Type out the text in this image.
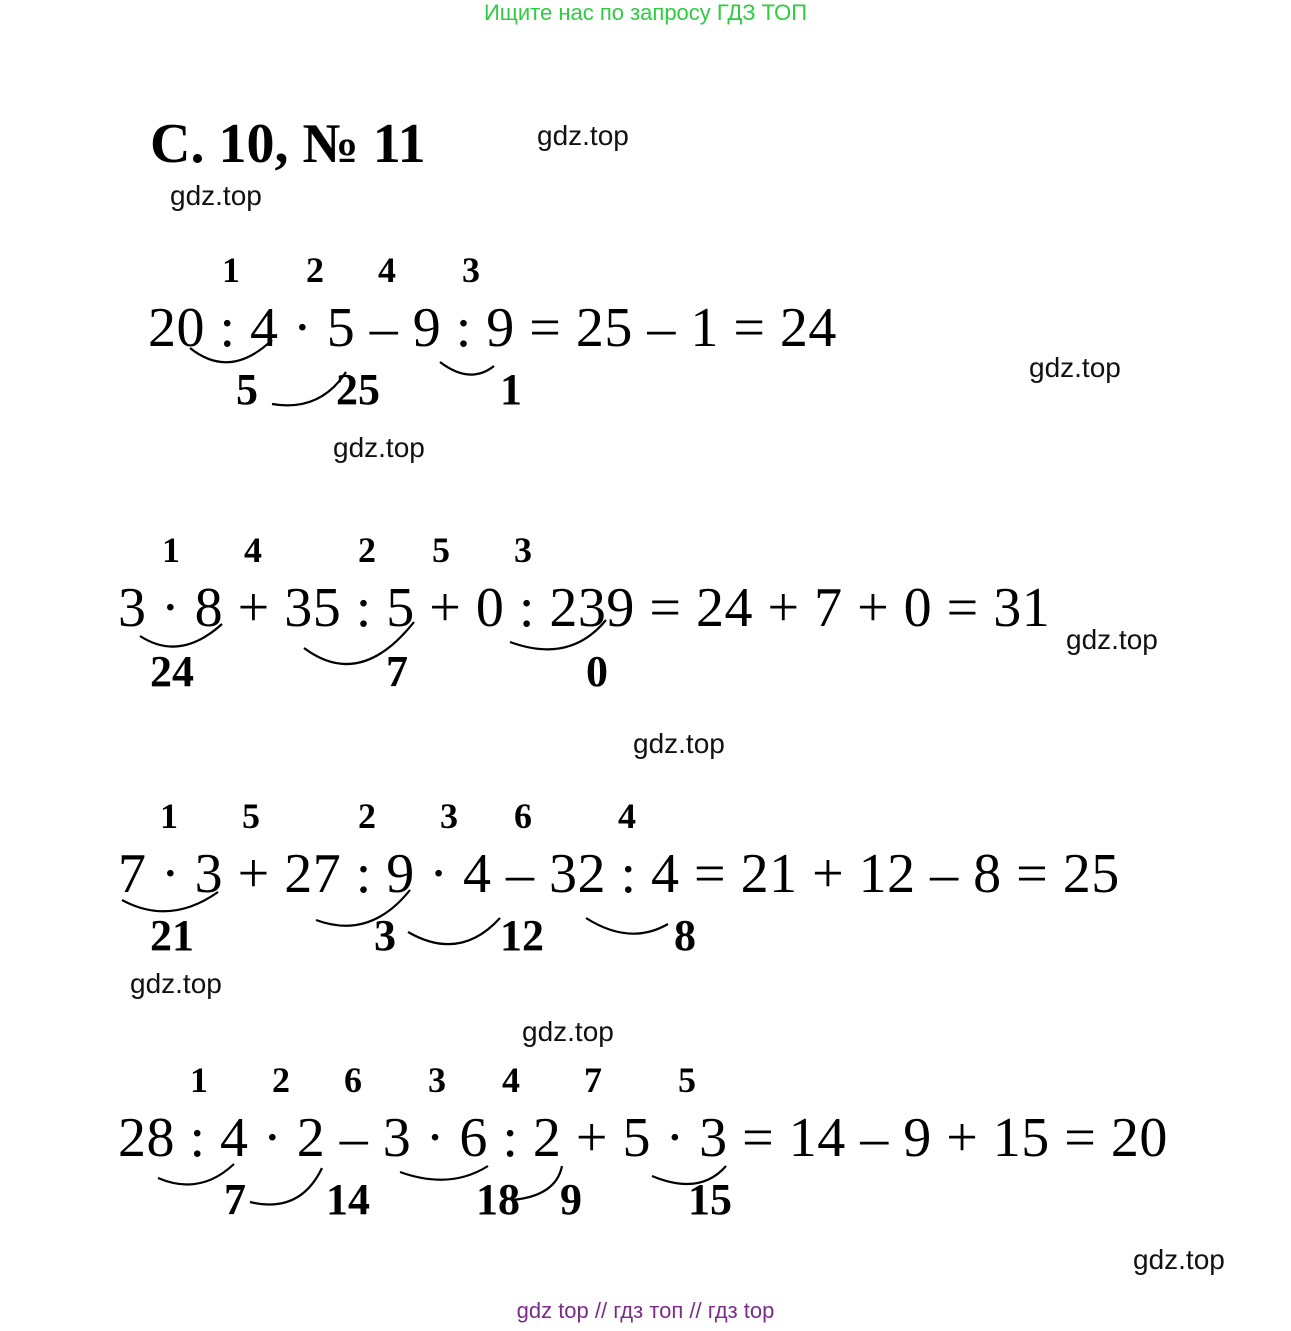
Ищите нас по запросу ГДЗ ТОП
С. 10, № 11	gdz.top
gdz.top
gdz.top
gdz.top
gdz.top
gdz.top
gdz.top
gdz.top
gdz.top
1 2 4 3
20 : 4 · 5 – 9 : 9 = 25 – 1 = 24
5 25	1
1 4	2 5 3
3 · 8 + 35 : 5 + 0 : 239 = 24 + 7 + 0 = 31
24	7	0
1 5	2 3 6 4
7 · 3 + 27 : 9 · 4 – 32 : 4 = 21 + 12 – 8 = 25
21	3 12	8
1 2 6 3 4 7 5
28 : 4 · 2 – 3 · 6 : 2 + 5 · 3 = 14 – 9 + 15 = 20
7 14 18 9 15
gdz top // гдз топ // гдз top
